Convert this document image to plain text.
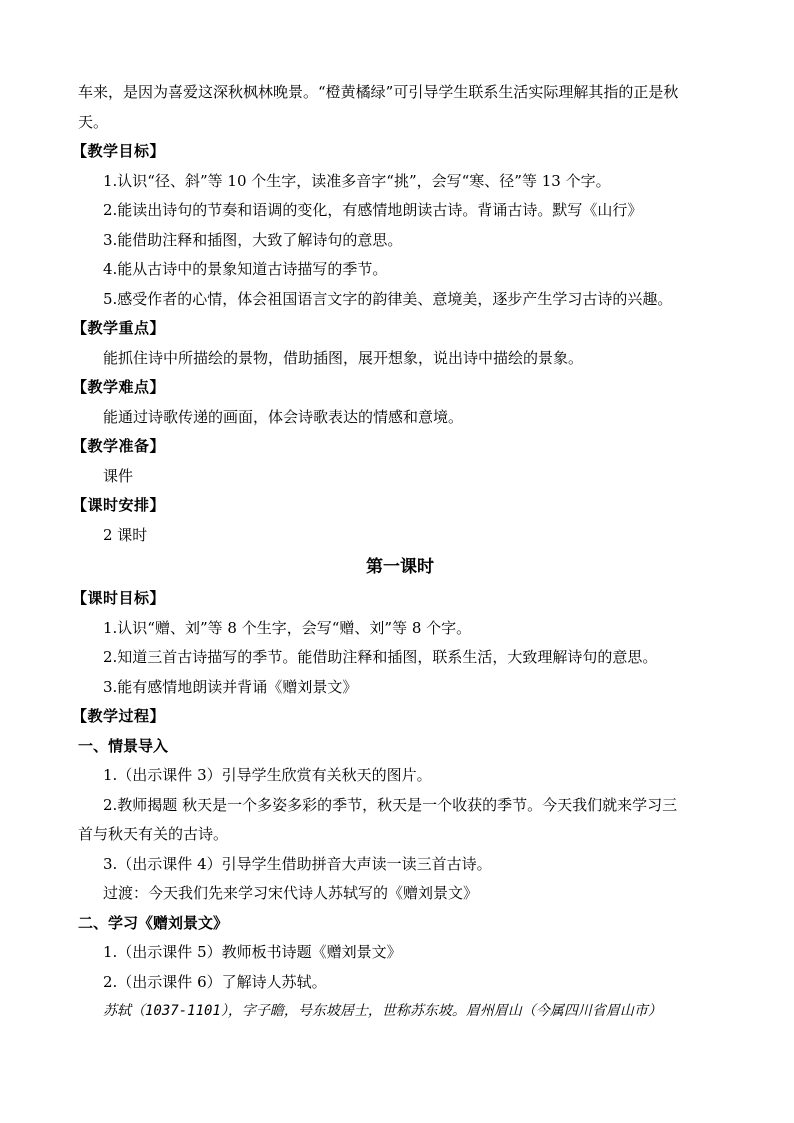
车来，是因为喜爱这深秋枫林晚景。“橙黄橘绿”可引导学生联系生活实际理解其指的正是秋

天。

【教学目标】

1.认识“径、斜”等 10 个生字，读准多音字“挑”，会写“寒、径”等 13 个字。

2.能读出诗句的节奏和语调的变化，有感情地朗读古诗。背诵古诗。默写《山行》

3.能借助注释和插图，大致了解诗句的意思。

4.能从古诗中的景象知道古诗描写的季节。

5.感受作者的心情，体会祖国语言文字的韵律美、意境美，逐步产生学习古诗的兴趣。

【教学重点】

能抓住诗中所描绘的景物，借助插图，展开想象，说出诗中描绘的景象。

【教学难点】

能通过诗歌传递的画面，体会诗歌表达的情感和意境。

【教学准备】

课件

【课时安排】

2 课时

第一课时

【课时目标】

1.认识“赠、刘”等 8 个生字，会写“赠、刘”等 8 个字。

2.知道三首古诗描写的季节。能借助注释和插图，联系生活，大致理解诗句的意思。

3.能有感情地朗读并背诵《赠刘景文》

【教学过程】

一、情景导入

1.（出示课件 3）引导学生欣赏有关秋天的图片。

2.教师揭题 秋天是一个多姿多彩的季节，秋天是一个收获的季节。今天我们就来学习三

首与秋天有关的古诗。

3.（出示课件 4）引导学生借助拼音大声读一读三首古诗。

过渡：今天我们先来学习宋代诗人苏轼写的《赠刘景文》

二、学习《赠刘景文》

1.（出示课件 5）教师板书诗题《赠刘景文》

2.（出示课件 6）了解诗人苏轼。

苏轼（1037-1101），字子瞻，号东坡居士，世称苏东坡。眉州眉山（今属四川省眉山市）
